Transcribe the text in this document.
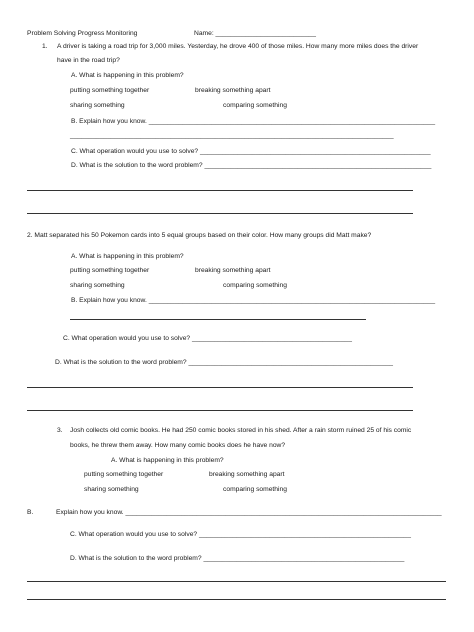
Problem Solving Progress Monitoring	Name: ___________________________
1. A driver is taking a road trip for 3,000 miles. Yesterday, he drove 400 of those miles. How many more miles does the driver
have in the road trip?
A. What is happening in this problem?
putting something together	breaking something apart
sharing something	comparing something
B. Explain how you know. _____________________________________________________________________________
_______________________________________________________________________________________
C. What operation would you use to solve? ______________________________________________________________
D. What is the solution to the word problem? _____________________________________________________________
2. Matt separated his 50 Pokemon cards into 5 equal groups based on their color. How many groups did Matt make?
A. What is happening in this problem?
putting something together	breaking something apart
sharing something	comparing something
B. Explain how you know. _____________________________________________________________________________
C. What operation would you use to solve? ___________________________________________
D. What is the solution to the word problem? _______________________________________________________
3. Josh collects old comic books. He had 250 comic books stored in his shed. After a rain storm ruined 25 of his comic
books, he threw them away. How many comic books does he have now?
A. What is happening in this problem?
putting something together	breaking something apart
sharing something	comparing something
B.	Explain how you know. _____________________________________________________________________________________
C. What operation would you use to solve? _________________________________________________________
D. What is the solution to the word problem? ______________________________________________________
